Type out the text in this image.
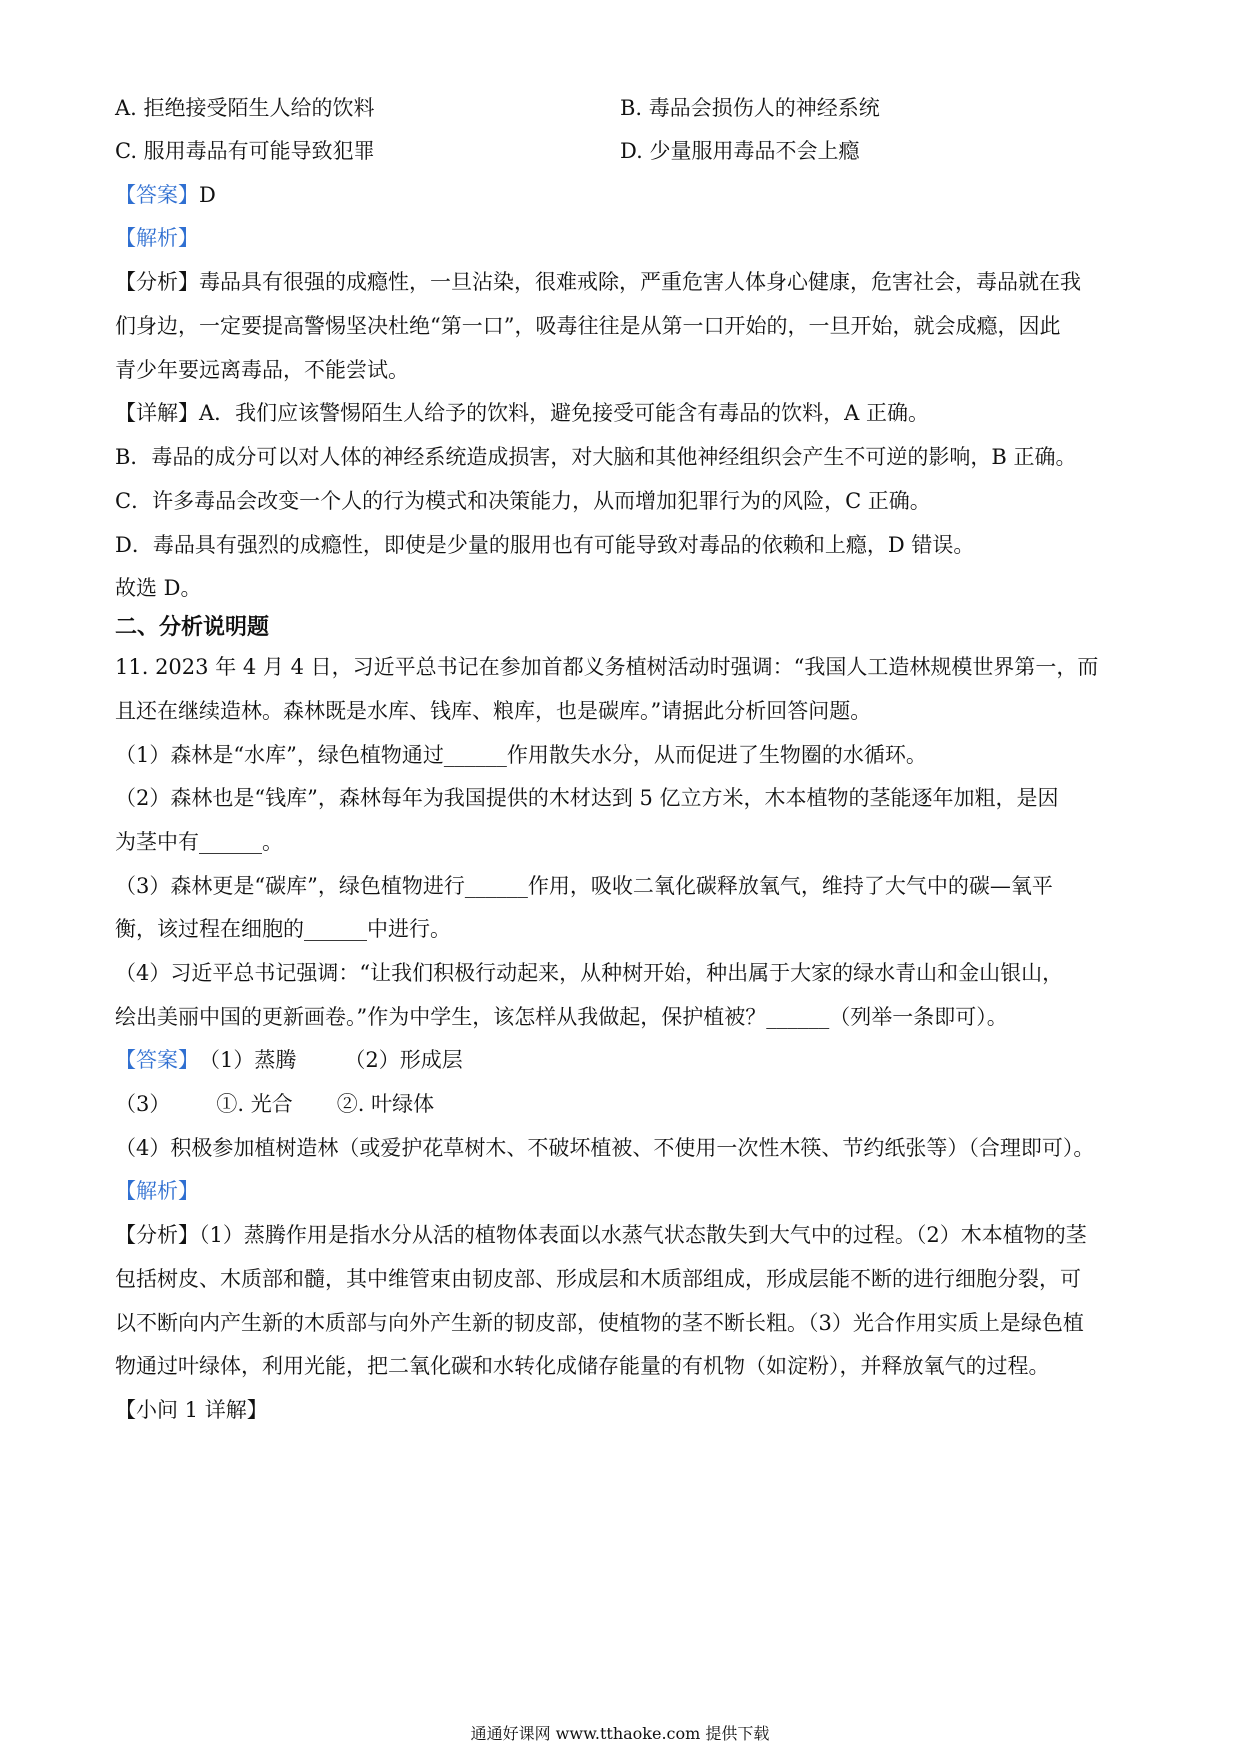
A. 拒绝接受陌生人给的饮料	B. 毒品会损伤人的神经系统
C. 服用毒品有可能导致犯罪	D. 少量服用毒品不会上瘾
【答案】D
【解析】
【分析】毒品具有很强的成瘾性，一旦沾染，很难戒除，严重危害人体身心健康，危害社会，毒品就在我
们身边，一定要提高警惕坚决杜绝“第一口”，吸毒往往是从第一口开始的，一旦开始，就会成瘾，因此
青少年要远离毒品，不能尝试。
【详解】A．我们应该警惕陌生人给予的饮料，避免接受可能含有毒品的饮料，A 正确。
B．毒品的成分可以对人体的神经系统造成损害，对大脑和其他神经组织会产生不可逆的影响，B 正确。
C．许多毒品会改变一个人的行为模式和决策能力，从而增加犯罪行为的风险，C 正确。
D．毒品具有强烈的成瘾性，即使是少量的服用也有可能导致对毒品的依赖和上瘾，D 错误。
故选 D。
二、分析说明题
11. 2023 年 4 月 4 日，习近平总书记在参加首都义务植树活动时强调：“我国人工造林规模世界第一，而
且还在继续造林。森林既是水库、钱库、粮库，也是碳库。”请据此分析回答问题。
（1）森林是“水库”，绿色植物通过______作用散失水分，从而促进了生物圈的水循环。
（2）森林也是“钱库”，森林每年为我国提供的木材达到 5 亿立方米，木本植物的茎能逐年加粗，是因
为茎中有______。
（3）森林更是“碳库”，绿色植物进行______作用，吸收二氧化碳释放氧气，维持了大气中的碳—氧平
衡，该过程在细胞的______中进行。
（4）习近平总书记强调：“让我们积极行动起来，从种树开始，种出属于大家的绿水青山和金山银山，
绘出美丽中国的更新画卷。”作为中学生，该怎样从我做起，保护植被？______（列举一条即可）。
【答案】（1）蒸腾 （2）形成层
（3） ①. 光合 ②. 叶绿体
（4）积极参加植树造林（或爱护花草树木、不破坏植被、不使用一次性木筷、节约纸张等）（合理即可）。
【解析】
【分析】（1）蒸腾作用是指水分从活的植物体表面以水蒸气状态散失到大气中的过程。（2）木本植物的茎
包括树皮、木质部和髓，其中维管束由韧皮部、形成层和木质部组成，形成层能不断的进行细胞分裂，可
以不断向内产生新的木质部与向外产生新的韧皮部，使植物的茎不断长粗。（3）光合作用实质上是绿色植
物通过叶绿体，利用光能，把二氧化碳和水转化成储存能量的有机物（如淀粉），并释放氧气的过程。
【小问 1 详解】
通通好课网 www.tthaoke.com 提供下载
